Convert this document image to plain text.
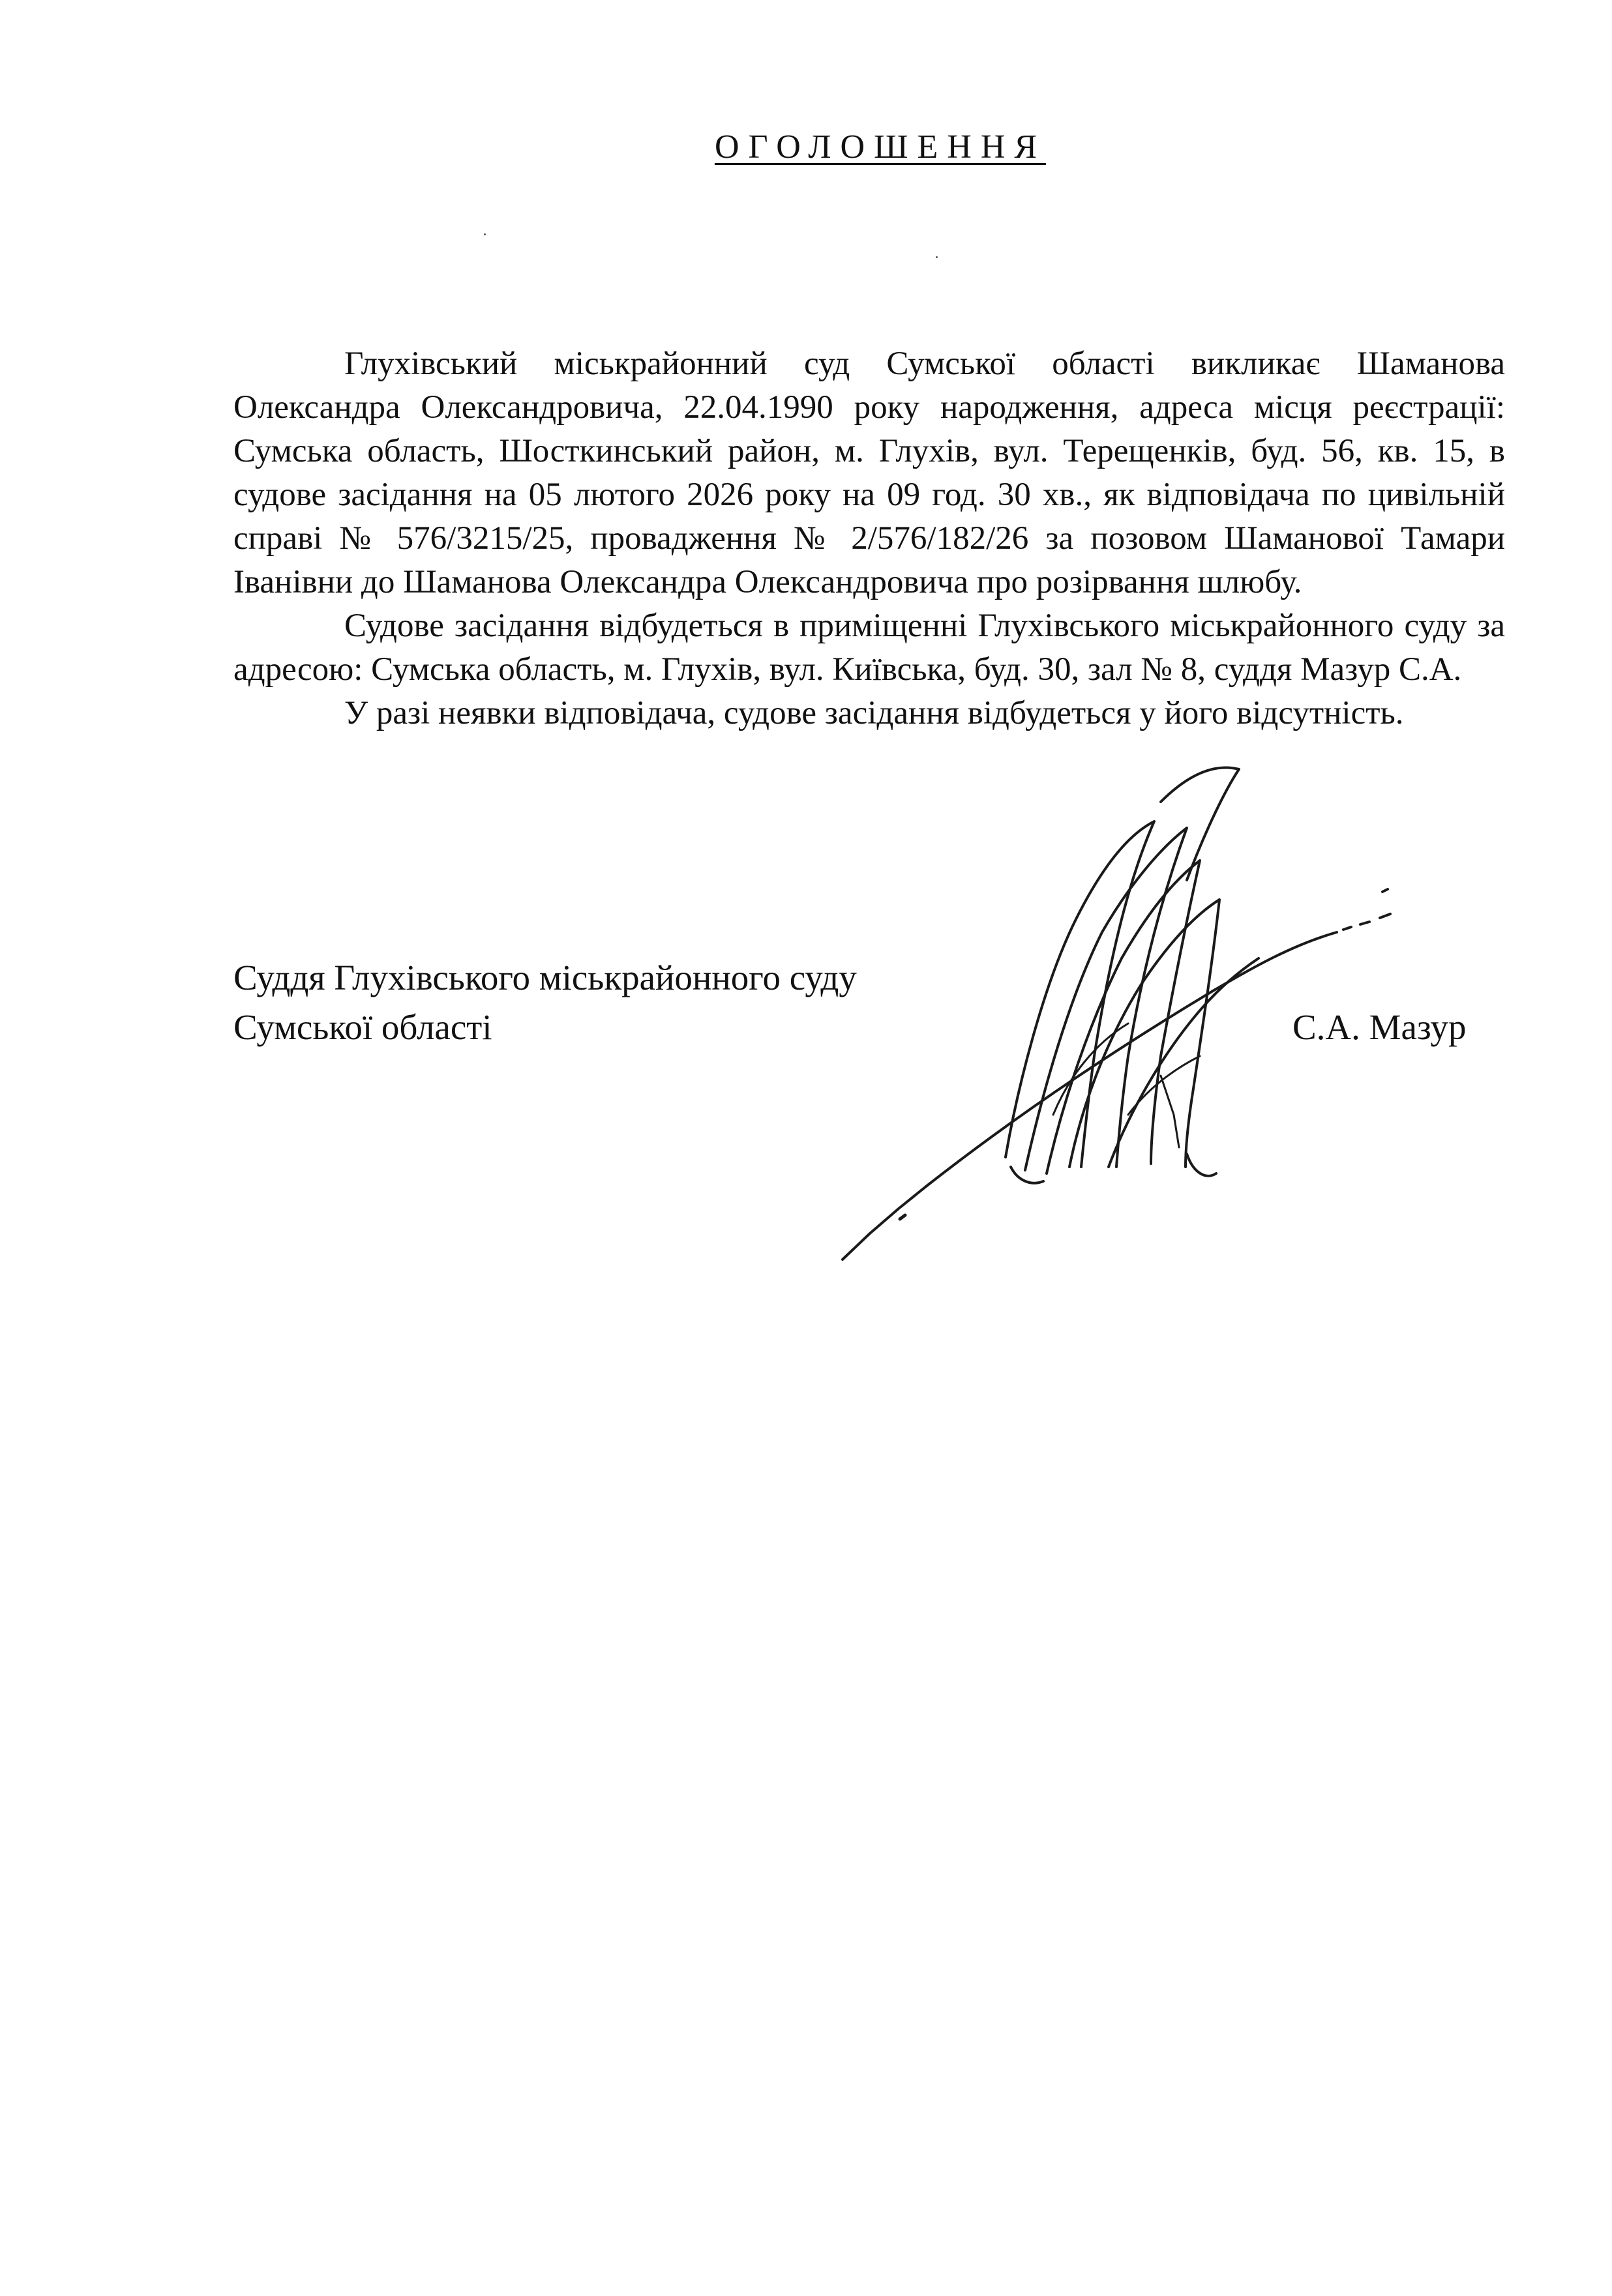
ОГОЛОШЕННЯ

Глухівський міськрайонний суд Сумської області викликає Шаманова Олександра Олександровича, 22.04.1990 року народження, адреса місця реєстрації: Сумська область, Шосткинський район, м. Глухів, вул. Терещенків, буд. 56, кв. 15, в судове засідання на 05 лютого 2026 року на 09 год. 30 хв., як відповідача по цивільній справі № 576/3215/25, провадження № 2/576/182/26 за позовом Шаманової Тамари Іванівни до Шаманова Олександра Олександровича про розірвання шлюбу.

Судове засідання відбудеться в приміщенні Глухівського міськрайонного суду за адресою: Сумська область, м. Глухів, вул. Київська, буд. 30, зал № 8, суддя Мазур С.А.

У разі неявки відповідача, судове засідання відбудеться у його відсутність.

Суддя Глухівського міськрайонного суду
Сумської області	С.А. Мазур
